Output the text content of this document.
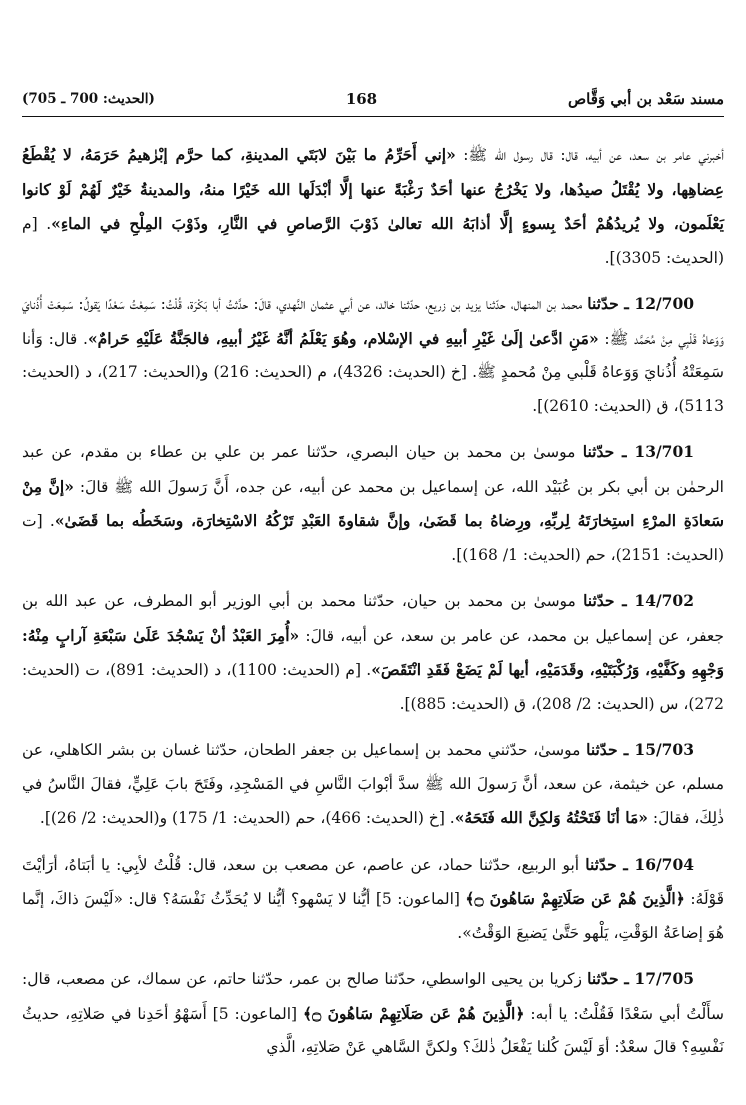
مسند سَعْد بن أبي وَقَّاص
168
(الحديث: 700 ـ 705)

أخبرني عامر بن سعد، عن أبيه، قال: قال رسول الله ﷺ: «إني أَحَرِّمُ ما بَيْنَ لابَتَي المدينةِ، كما حرَّم إبْرٰهيمُ حَرَمَهُ، لا يُقْطَعُ عِضاهِها، ولا يُقْتَلُ صيدُها، ولا يَخْرُجُ عنها أحَدٌ رَغْبَةً عنها إلَّا أبْدَلَها الله خَيْرًا منهُ، والمدينةُ خَيْرٌ لَهُمْ لَوْ كانوا يَعْلَمون، ولا يُريدُهُمْ أحَدٌ بِسوءٍ إلَّا أذابَهُ الله تعالىٰ ذَوْبَ الرَّصاصِ في النَّارِ، وذَوْبَ المِلْحِ في الماءِ». [م (الحديث: 3305)].

12/700 ـ حدّثنا محمد بن المنهال، حدّثنا يزيد بن زريع، حدّثنا خالد، عن أبي عثمان النَّهدي، قالَ: حدَّثتُ أبا بَكْرَة، قُلْتُ: سَمِعْتُ سَعْدًا يَقولُ: سَمِعَتْ أُذُنايَ وَوَعاهُ قَلْبِي مِنْ مُحَمَّد ﷺ: «مَنِ ادَّعىٰ إلَىٰ غَيْرِ أبيهِ في الإسْلام، وهُوَ يَعْلَمُ أنَّهُ غَيْرُ أبيهِ، فالجَنَّةُ عَلَيْهِ حَرامٌ». قال: وَأنا سَمِعَتْهُ أُذُنايَ وَوَعاهُ قَلْبي مِنْ مُحمدٍ ﷺ. [خ (الحديث: 4326)، م (الحديث: 216) و(الحديث: 217)، د (الحديث: 5113)، ق (الحديث: 2610)].

13/701 ـ حدّثنا موسىٰ بن محمد بن حيان البصري، حدّثنا عمر بن علي بن عطاء بن مقدم، عن عبد الرحمٰن بن أبي بكر بن عُبَيْد الله، عن إسماعيل بن محمد عن أبيه، عن جده، أَنَّ رَسولَ الله ﷺ قالَ: «إنَّ مِنْ سَعادَةِ المرْءِ استِخارَتَهُ لِربِّهِ، ورِضاهُ بما قَضَىٰ، وإنَّ شقاوةَ العَبْدِ تَرْكُهُ الاسْتِخارَة، وسَخَطُه بما قَضَىٰ». [ت (الحديث: 2151)، حم (الحديث: 1/ 168)].

14/702 ـ حدّثنا موسىٰ بن محمد بن حيان، حدّثنا محمد بن أبي الوزير أبو المطرف، عن عبد الله بن جعفر، عن إسماعيل بن محمد، عن عامر بن سعد، عن أبيه، قالَ: «أُمِرَ العَبْدُ أنْ يَسْجُدَ عَلَىٰ سَبْعَةِ آرابٍ مِنْهُ: وَجْهِهِ وكَفَّيْهِ، وَرُكْبَتَيْهِ، وقَدَمَيْهِ، أيها لَمْ يَضَعْ فَقَدِ انْتَقَصَ». [م (الحديث: 1100)، د (الحديث: 891)، ت (الحديث: 272)، س (الحديث: 2/ 208)، ق (الحديث: 885)].

15/703 ـ حدّثنا موسىٰ، حدّثني محمد بن إسماعيل بن جعفر الطحان، حدّثنا غسان بن بشر الكاهلي، عن مسلم، عن خيثمة، عن سعد، أنَّ رَسولَ الله ﷺ سدَّ أبْوابَ النَّاسِ في المَسْجِدِ، وفَتَحَ بابَ عَلِيٍّ، فقالَ النَّاسُ في ذٰلِكَ، فقالَ: «مَا أنَا فَتَحْتُهُ وَلكِنَّ الله فَتَحَهُ». [خ (الحديث: 466)، حم (الحديث: 1/ 175) و(الحديث: 2/ 26)].

16/704 ـ حدّثنا أبو الربيع، حدّثنا حماد، عن عاصم، عن مصعب بن سعد، قال: قُلْتُ لأبِي: يا أبَتاهُ، أرَأيْتَ قَوْلَهُ: ﴿الَّذِينَ هُمْ عَن صَلَاتِهِمْ سَاهُونَ ۝﴾ [الماعون: 5] أيُّنا لا يَسْهو؟ أيُّنا لا يُحَدِّثُ نَفْسَهُ؟ قال: «لَيْسَ ذاكَ، إنَّما هُوَ إضاعَةُ الوَقْتِ، يَلْهو حَتَّىٰ يَضيعَ الوَقْتُ».

17/705 ـ حدّثنا زكريا بن يحيى الواسطي، حدّثنا صالح بن عمر، حدّثنا حاتم، عن سماك، عن مصعب، قال: سأَلْتُ أبي سَعْدًا فَقُلْتُ: يا أبه: ﴿الَّذِينَ هُمْ عَن صَلَاتِهِمْ سَاهُونَ ۝﴾ [الماعون: 5] أَسَهْوُ أحَدِنا في صَلاتِهِ، حديثُ نَفْسِهِ؟ قالَ سعْدٌ: أوَ لَيْسَ كُلنا يَفْعَلُ ذٰلكَ؟ ولكنَّ السَّاهي عَنْ صَلاتِهِ، الَّذي
